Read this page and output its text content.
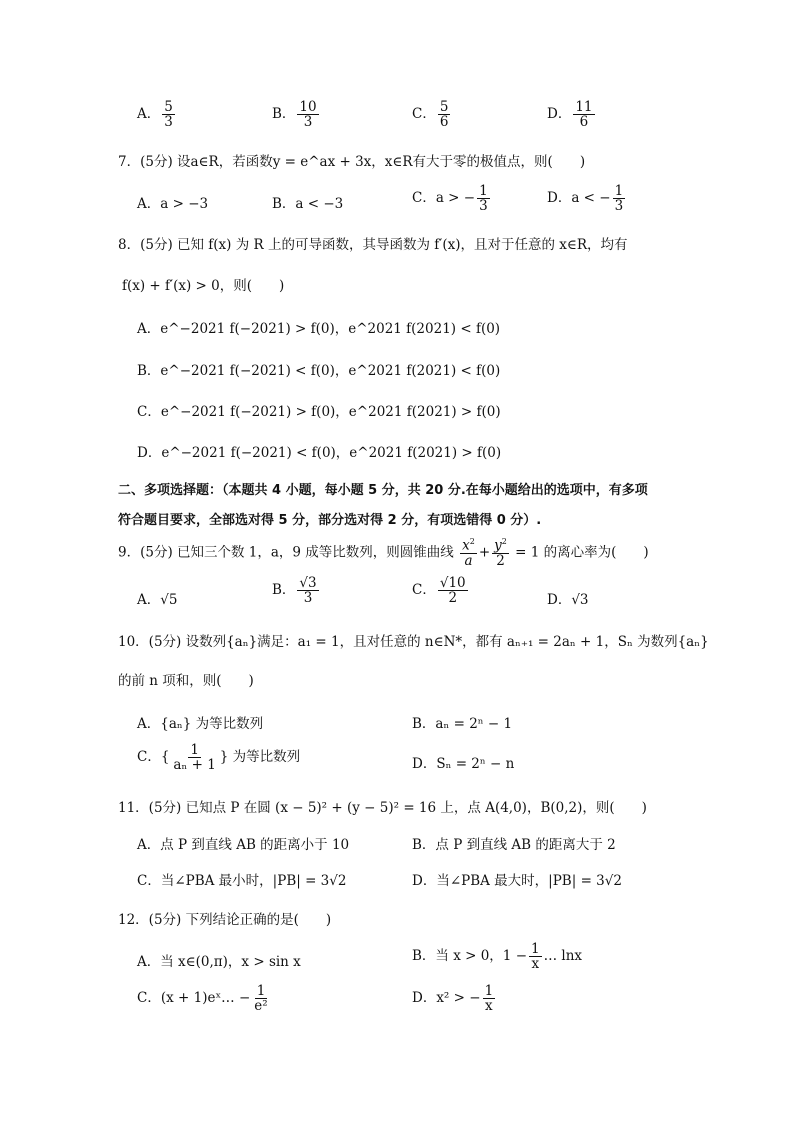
A． $\frac{5}{3}$	B． $\frac{10}{3}$	C． $\frac{5}{6}$	D． $\frac{11}{6}$
7．(5分) 设a∈R，若函数y = e^ax + 3x，x∈R有大于零的极值点，则(　　)
A．a > −3	B．a < −3	C．a > − $\frac{1}{3}$	D．a < − $\frac{1}{3}$
8．(5分) 已知 f(x) 为 R 上的可导函数，其导函数为 f′(x)，且对于任意的 x∈R，均有
f(x) + f′(x) > 0，则(　　)
A．e^−2021 f(−2021) > f(0)，e^2021 f(2021) < f(0)
B．e^−2021 f(−2021) < f(0)，e^2021 f(2021) < f(0)
C．e^−2021 f(−2021) > f(0)，e^2021 f(2021) > f(0)
D．e^−2021 f(−2021) < f(0)，e^2021 f(2021) > f(0)
二、多项选择题：（本题共 4 小题，每小题 5 分，共 20 分.在每小题给出的选项中，有多项
符合题目要求，全部选对得 5 分，部分选对得 2 分，有项选错得 0 分）.
9．(5分) 已知三个数 1，a，9 成等比数列，则圆锥曲线 $\frac{x^2}{a} + \frac{y^2}{2} = 1$ 的离心率为(　　)
A．√5
B． $\frac{√3}{3}$	C． $\frac{√10}{2}$	D．√3
10．(5分) 设数列{aₙ}满足：a₁ = 1，且对任意的 n∈N*，都有 aₙ₊₁ = 2aₙ + 1，Sₙ 为数列{aₙ}
的前 n 项和，则(　　)
A．{aₙ} 为等比数列	B．aₙ = 2ⁿ − 1
C．{ $\frac{1}{\text{aₙ + 1}}$ } 为等比数列	D．Sₙ = 2ⁿ − n
11．(5分) 已知点 P 在圆 (x − 5)² + (y − 5)² = 16 上，点 A(4,0)，B(0,2)，则(　　)
A．点 P 到直线 AB 的距离小于 10	B．点 P 到直线 AB 的距离大于 2
C．当∠PBA 最小时，|PB| = 3√2	D．当∠PBA 最大时，|PB| = 3√2
12．(5分) 下列结论正确的是(　　)
A．当 x∈(0,π)，x > sin x	B．当 x > 0，$1 - \frac{1}{x}$ … lnx
C．(x + 1)eˣ… − $\frac{1}{\text{e²}}$	D．x² > − $\frac{1}{x}$
